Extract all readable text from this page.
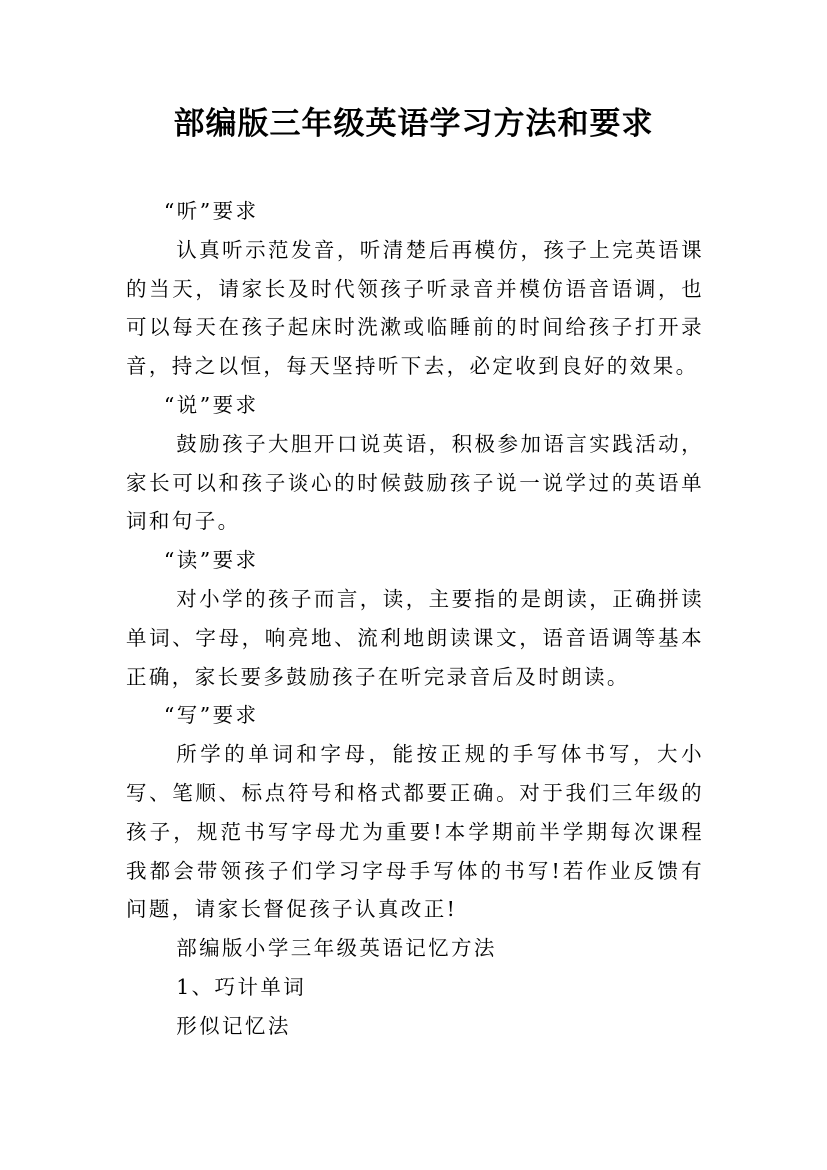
部编版三年级英语学习方法和要求

“听”要求

认真听示范发音，听清楚后再模仿，孩子上完英语课的当天，请家长及时代领孩子听录音并模仿语音语调，也可以每天在孩子起床时洗漱或临睡前的时间给孩子打开录音，持之以恒，每天坚持听下去，必定收到良好的效果。

“说”要求

鼓励孩子大胆开口说英语，积极参加语言实践活动，家长可以和孩子谈心的时候鼓励孩子说一说学过的英语单词和句子。

“读”要求

对小学的孩子而言，读，主要指的是朗读，正确拼读单词、字母，响亮地、流利地朗读课文，语音语调等基本正确，家长要多鼓励孩子在听完录音后及时朗读。

“写”要求

所学的单词和字母，能按正规的手写体书写，大小写、笔顺、标点符号和格式都要正确。对于我们三年级的孩子，规范书写字母尤为重要!本学期前半学期每次课程我都会带领孩子们学习字母手写体的书写!若作业反馈有问题，请家长督促孩子认真改正!

部编版小学三年级英语记忆方法

1、巧计单词

形似记忆法
